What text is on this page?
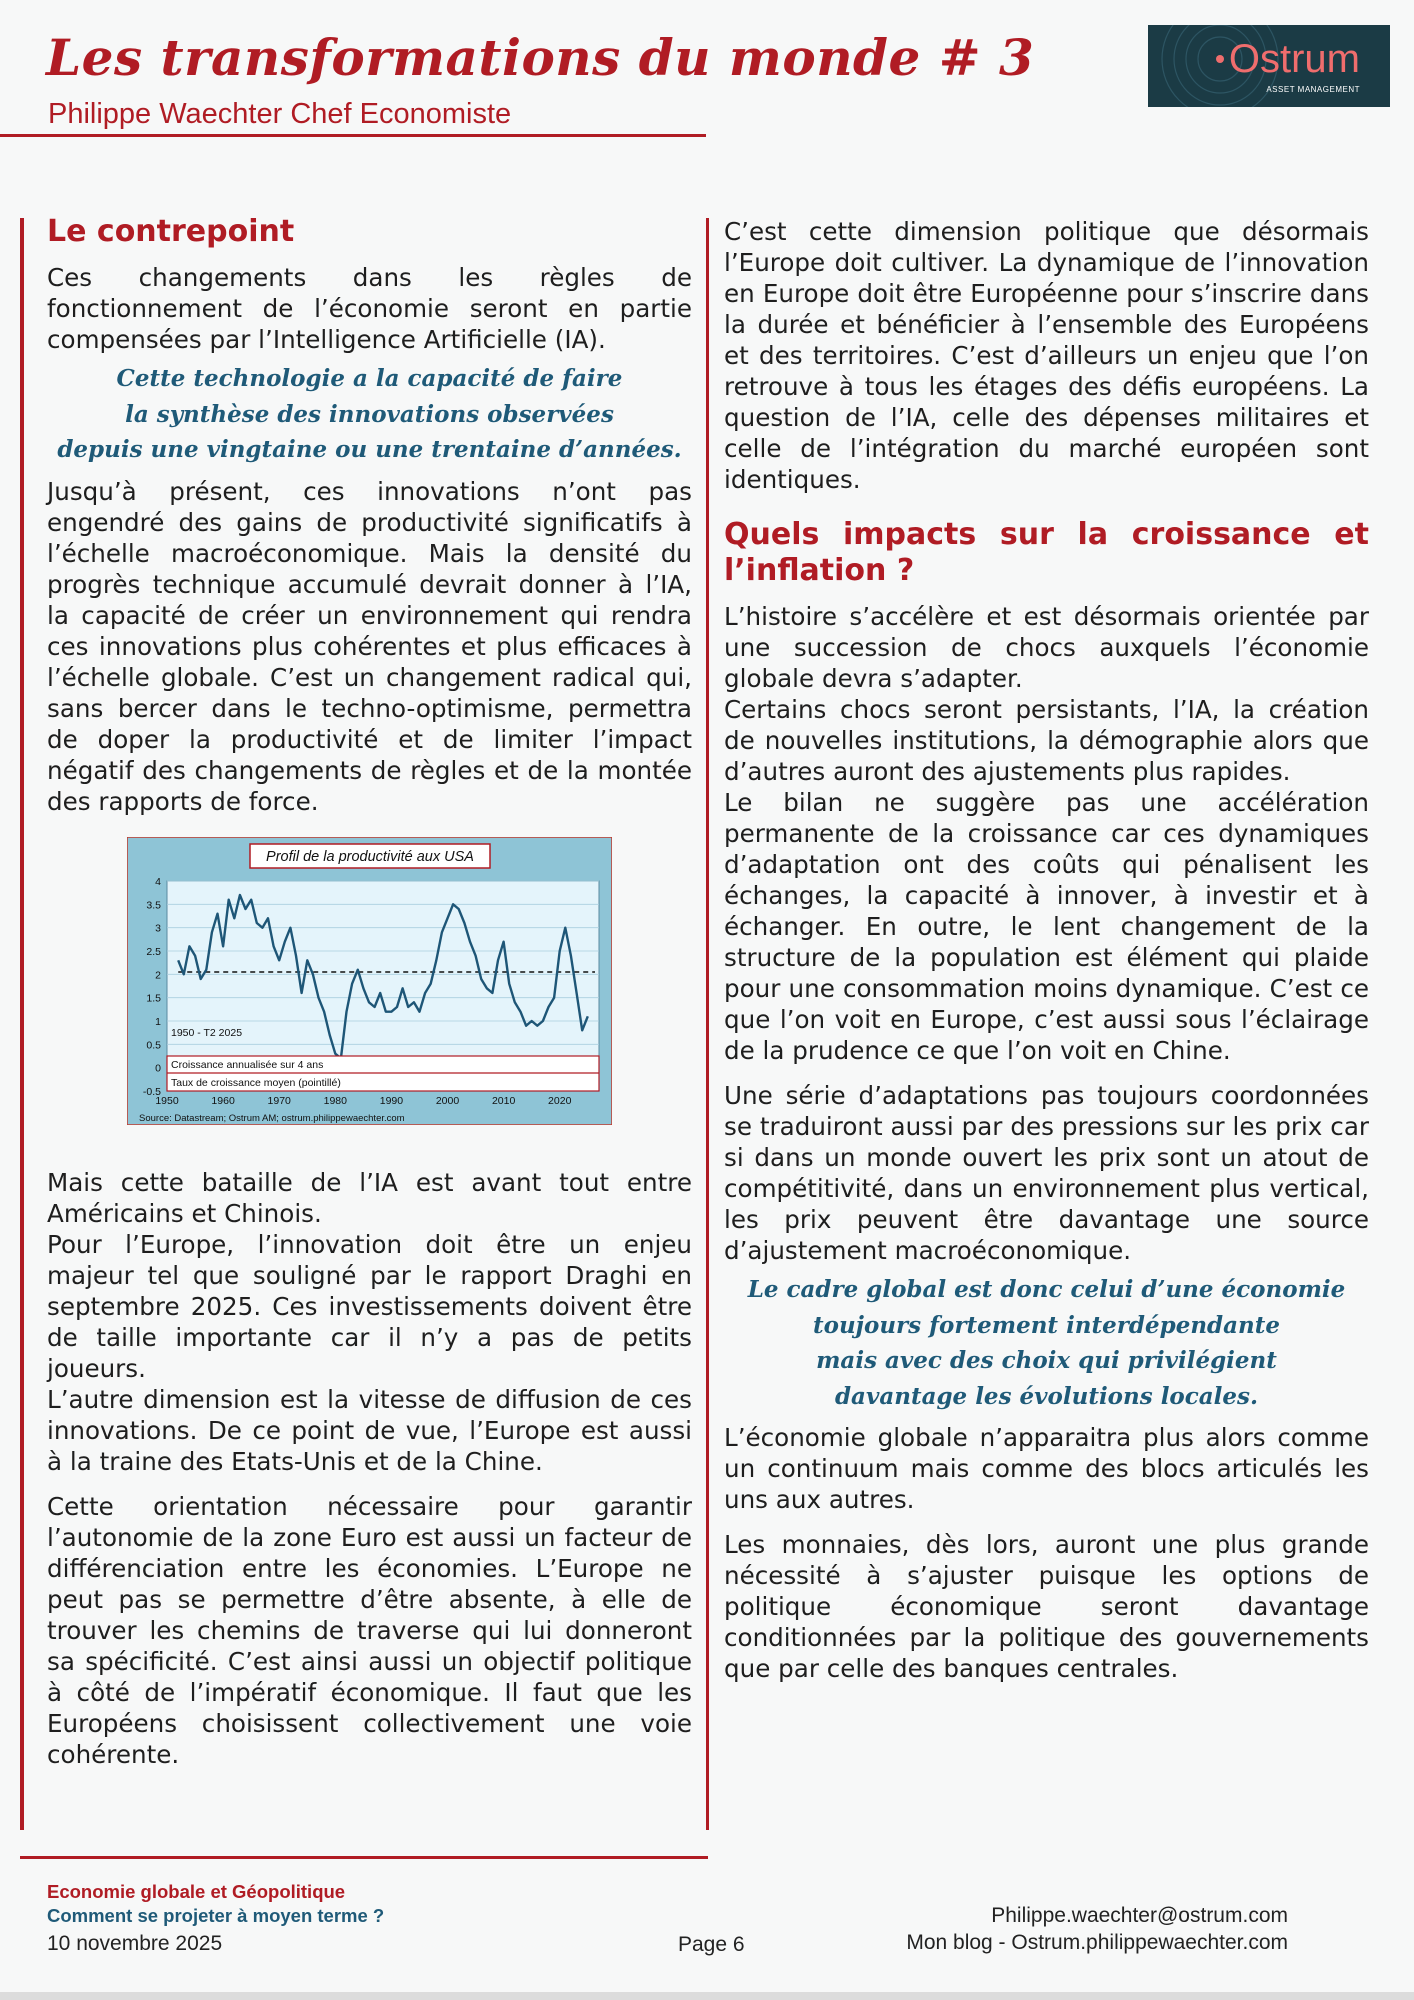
Les transformations du monde # 3
Philippe Waechter Chef Economiste
Ostrum
ASSET MANAGEMENT
Le contrepoint

Ces changements dans les règles de fonctionnement de l’économie seront en partie compensées par l’Intelligence Artificielle (IA).

Cette technologie a la capacité de faire
la synthèse des innovations observées
depuis une vingtaine ou une trentaine d’années.

Jusqu’à présent, ces innovations n’ont pas engendré des gains de productivité significatifs à l’échelle macroéconomique. Mais la densité du progrès technique accumulé devrait donner à l’IA, la capacité de créer un environnement qui rendra ces innovations plus cohérentes et plus efficaces à l’échelle globale. C’est un changement radical qui, sans bercer dans le techno-optimisme, permettra de doper la productivité et de limiter l’impact négatif des changements de règles et de la montée des rapports de force.

4
3.5
3
2.5
2
1.5
1
0.5
0
-0.5
1950	1960	1970	1980	1990	2000	2010	2020
Profil de la productivité aux USA
1950 - T2 2025
Croissance annualisée sur 4 ans
Taux de croissance moyen (pointillé)
Source: Datastream; Ostrum AM; ostrum.philippewaechter.com

Mais cette bataille de l’IA est avant tout entre Américains et Chinois.

Pour l’Europe, l’innovation doit être un enjeu majeur tel que souligné par le rapport Draghi en septembre 2025. Ces investissements doivent être de taille importante car il n’y a pas de petits joueurs.

L’autre dimension est la vitesse de diffusion de ces innovations. De ce point de vue, l’Europe est aussi à la traine des Etats-Unis et de la Chine.

Cette orientation nécessaire pour garantir l’autonomie de la zone Euro est aussi un facteur de différenciation entre les économies. L’Europe ne peut pas se permettre d’être absente, à elle de trouver les chemins de traverse qui lui donneront sa spécificité. C’est ainsi aussi un objectif politique à côté de l’impératif économique. Il faut que les Européens choisissent collectivement une voie cohérente.

C’est cette dimension politique que désormais l’Europe doit cultiver. La dynamique de l’innovation en Europe doit être Européenne pour s’inscrire dans la durée et bénéficier à l’ensemble des Européens et des territoires. C’est d’ailleurs un enjeu que l’on retrouve à tous les étages des défis européens. La question de l’IA, celle des dépenses militaires et celle de l’intégration du marché européen sont identiques.

Quels impacts sur la croissance et l’inflation ?

L’histoire s’accélère et est désormais orientée par une succession de chocs auxquels l’économie globale devra s’adapter.

Certains chocs seront persistants, l’IA, la création de nouvelles institutions, la démographie alors que d’autres auront des ajustements plus rapides.

Le bilan ne suggère pas une accélération permanente de la croissance car ces dynamiques d’adaptation ont des coûts qui pénalisent les échanges, la capacité à innover, à investir et à échanger. En outre, le lent changement de la structure de la population est élément qui plaide pour une consommation moins dynamique. C’est ce que l’on voit en Europe, c’est aussi sous l’éclairage de la prudence ce que l’on voit en Chine.

Une série d’adaptations pas toujours coordonnées se traduiront aussi par des pressions sur les prix car si dans un monde ouvert les prix sont un atout de compétitivité, dans un environnement plus vertical, les prix peuvent être davantage une source d’ajustement macroéconomique.

Le cadre global est donc celui d’une économie
toujours fortement interdépendante
mais avec des choix qui privilégient
davantage les évolutions locales.

L’économie globale n’apparaitra plus alors comme un continuum mais comme des blocs articulés les uns aux autres.

Les monnaies, dès lors, auront une plus grande nécessité à s’ajuster puisque les options de politique économique seront davantage conditionnées par la politique des gouvernements que par celle des banques centrales.

Economie globale et Géopolitique
Comment se projeter à moyen terme ?
10 novembre 2025	Page 6
Philippe.waechter@ostrum.com
Mon blog - Ostrum.philippewaechter.com
